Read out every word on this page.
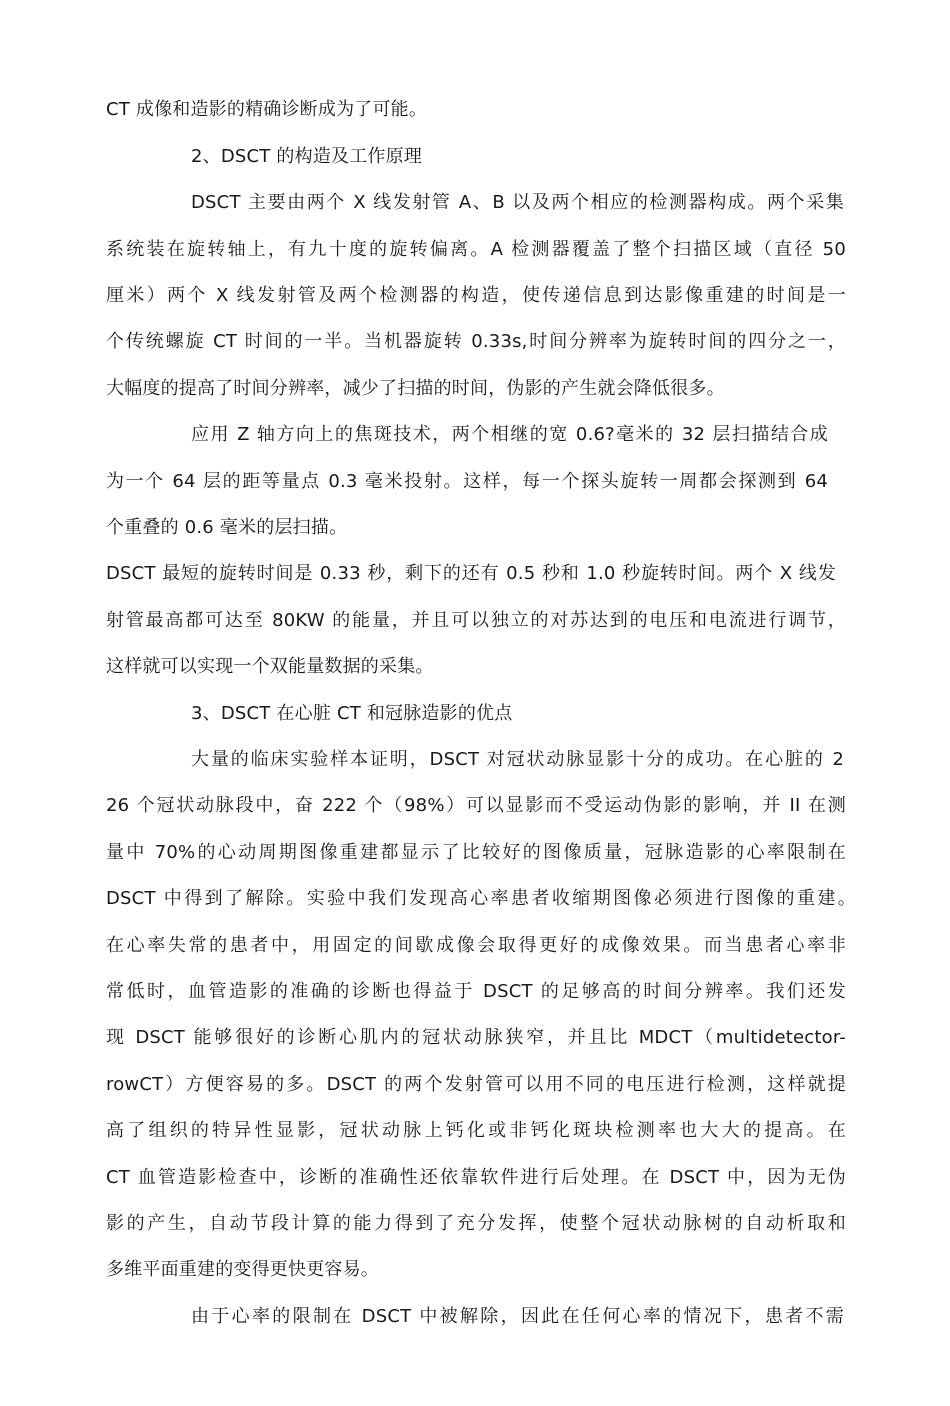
CT 成像和造影的精确诊断成为了可能。
2、DSCT 的构造及工作原理
DSCT 主要由两个 X 线发射管 A、B 以及两个相应的检测器构成。两个采集
系统装在旋转轴上，有九十度的旋转偏离。A 检测器覆盖了整个扫描区域（直径 50
厘米）两个 X 线发射管及两个检测器的构造，使传递信息到达影像重建的时间是一
个传统螺旋 CT 时间的一半。当机器旋转 0.33s,时间分辨率为旋转时间的四分之一，
大幅度的提高了时间分辨率，减少了扫描的时间，伪影的产生就会降低很多。
应用 Z 轴方向上的焦斑技术，两个相继的宽 0.6?毫米的 32 层扫描结合成
为一个 64 层的距等量点 0.3 毫米投射。这样，每一个探头旋转一周都会探测到 64
个重叠的 0.6 毫米的层扫描。
DSCT 最短的旋转时间是 0.33 秒，剩下的还有 0.5 秒和 1.0 秒旋转时间。两个 X 线发
射管最高都可达至 80KW 的能量，并且可以独立的对苏达到的电压和电流进行调节，
这样就可以实现一个双能量数据的采集。
3、DSCT 在心脏 CT 和冠脉造影的优点
大量的临床实验样本证明，DSCT 对冠状动脉显影十分的成功。在心脏的 2
26 个冠状动脉段中，奋 222 个（98%）可以显影而不受运动伪影的影响，并 II 在测
量中 70%的心动周期图像重建都显示了比较好的图像质量，冠脉造影的心率限制在
DSCT 中得到了解除。实验中我们发现高心率患者收缩期图像必须进行图像的重建。
在心率失常的患者中，用固定的间歇成像会取得更好的成像效果。而当患者心率非
常低时，血管造影的准确的诊断也得益于 DSCT 的足够高的时间分辨率。我们还发
现 DSCT 能够很好的诊断心肌内的冠状动脉狭窄，并且比 MDCT（multidetector-
rowCT）方便容易的多。DSCT 的两个发射管可以用不同的电压进行检测，这样就提
高了组织的特异性显影，冠状动脉上钙化或非钙化斑块检测率也大大的提高。在
CT 血管造影检查中，诊断的准确性还依靠软件进行后处理。在 DSCT 中，因为无伪
影的产生，自动节段计算的能力得到了充分发挥，使整个冠状动脉树的自动析取和
多维平面重建的变得更快更容易。
由于心率的限制在 DSCT 中被解除，因此在任何心率的情况下，患者不需
